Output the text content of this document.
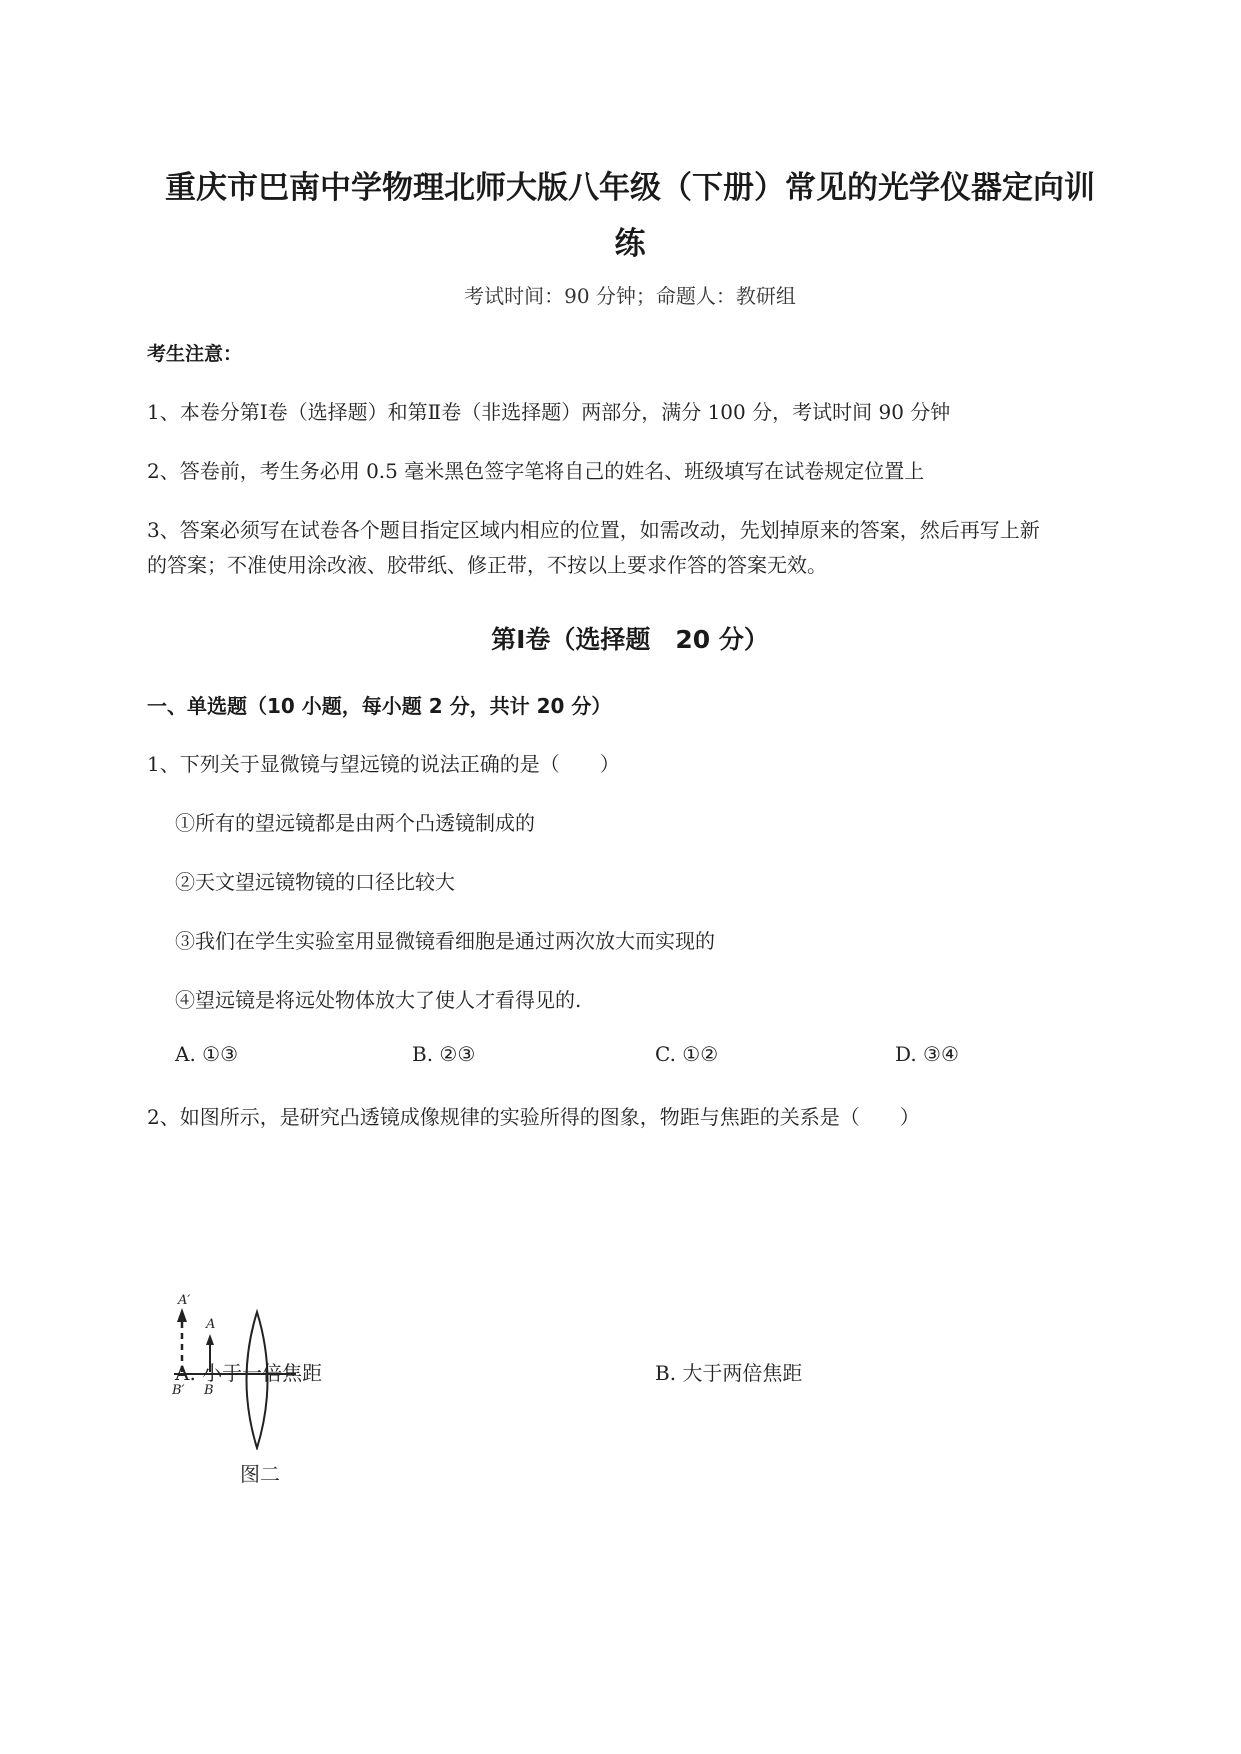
重庆市巴南中学物理北师大版八年级（下册）常见的光学仪器定向训
练
考试时间：90 分钟；命题人：教研组
考生注意：
1、本卷分第Ⅰ卷（选择题）和第Ⅱ卷（非选择题）两部分，满分 100 分，考试时间 90 分钟
2、答卷前，考生务必用 0.5 毫米黑色签字笔将自己的姓名、班级填写在试卷规定位置上
3、答案必须写在试卷各个题目指定区域内相应的位置，如需改动，先划掉原来的答案，然后再写上新
的答案；不准使用涂改液、胶带纸、修正带，不按以上要求作答的答案无效。
第Ⅰ卷（选择题　20 分）
一、单选题（10 小题，每小题 2 分，共计 20 分）
1、下列关于显微镜与望远镜的说法正确的是（　　）
①所有的望远镜都是由两个凸透镜制成的
②天文望远镜物镜的口径比较大
③我们在学生实验室用显微镜看细胞是通过两次放大而实现的
④望远镜是将远处物体放大了使人才看得见的.
A. ①③	B. ②③	C. ①②	D. ③④
2、如图所示，是研究凸透镜成像规律的实验所得的图象，物距与焦距的关系是（　　）
A′
A
B′ B
图二
A. 小于一倍焦距	B. 大于两倍焦距
